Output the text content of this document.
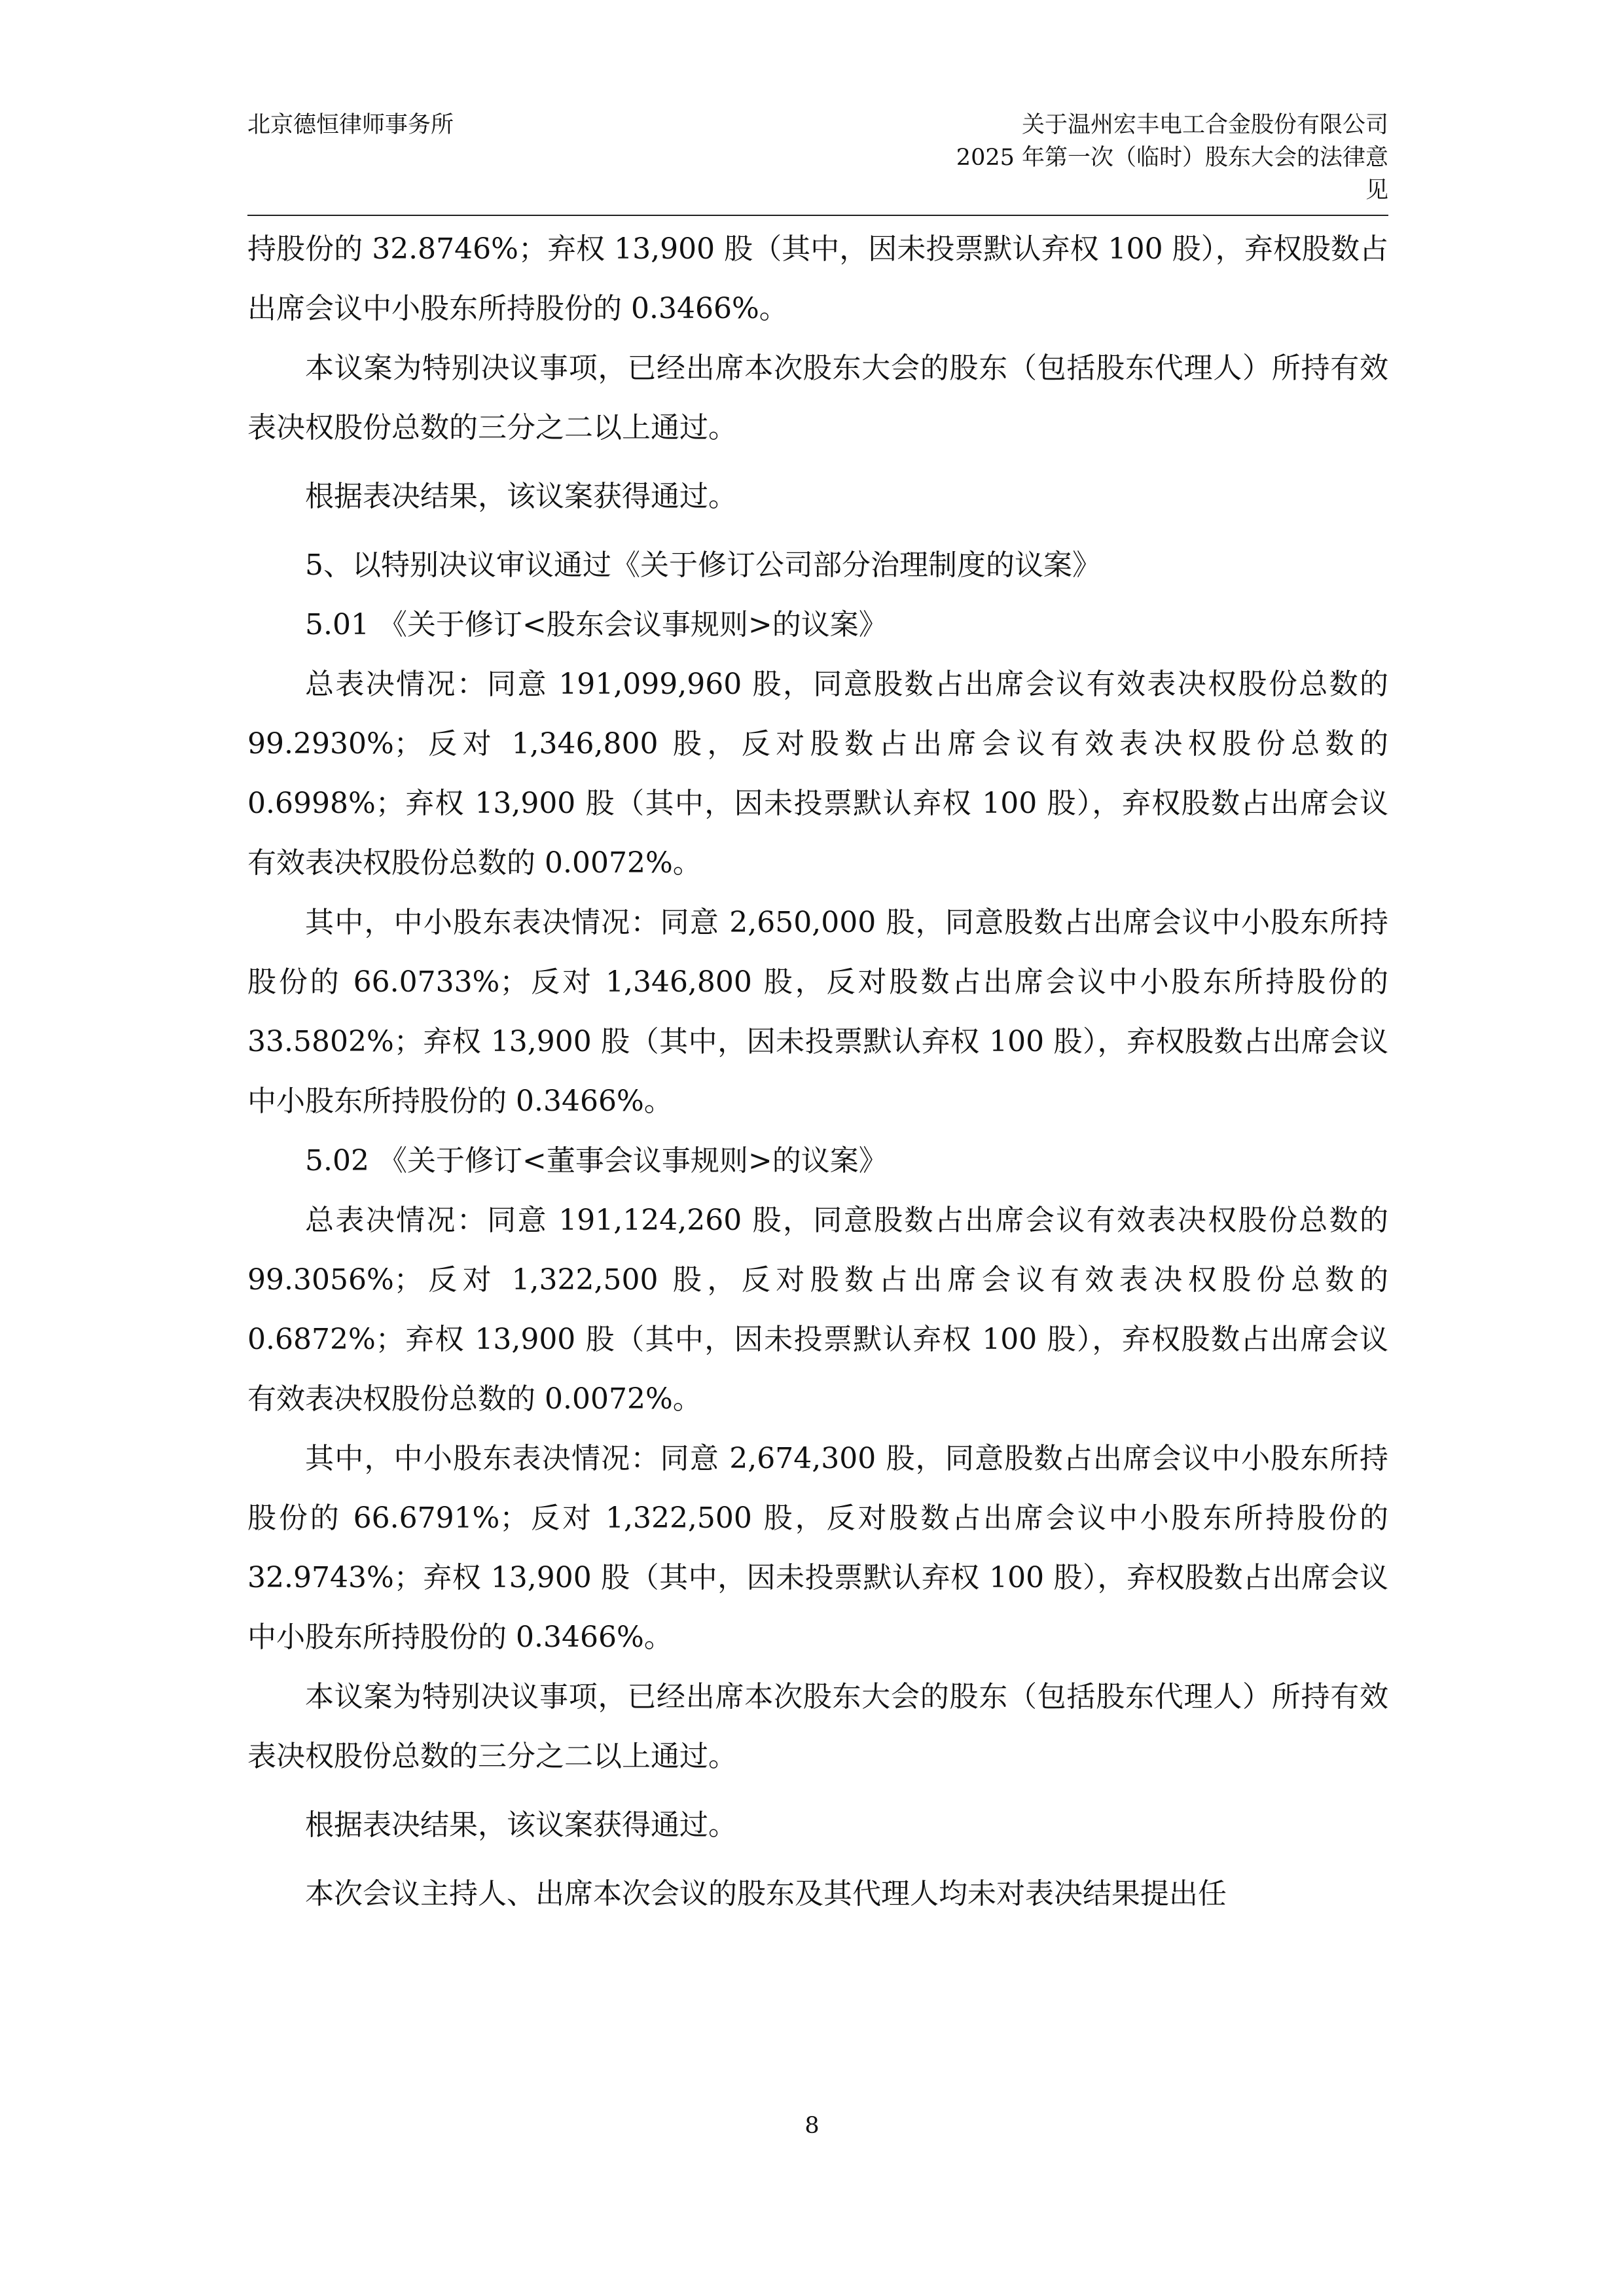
北京德恒律师事务所	关于温州宏丰电工合金股份有限公司
2025 年第一次（临时）股东大会的法律意
见

持股份的 32.8746%；弃权 13,900 股（其中，因未投票默认弃权 100 股），弃权股数占出席会议中小股东所持股份的 0.3466%。

本议案为特别决议事项，已经出席本次股东大会的股东（包括股东代理人）所持有效表决权股份总数的三分之二以上通过。

根据表决结果，该议案获得通过。

5、以特别决议审议通过《关于修订公司部分治理制度的议案》

5.01 《关于修订<股东会议事规则>的议案》

总表决情况：同意 191,099,960 股，同意股数占出席会议有效表决权股份总数的 99.2930%；反对 1,346,800 股，反对股数占出席会议有效表决权股份总数的 0.6998%；弃权 13,900 股（其中，因未投票默认弃权 100 股），弃权股数占出席会议有效表决权股份总数的 0.0072%。

其中，中小股东表决情况：同意 2,650,000 股，同意股数占出席会议中小股东所持股份的 66.0733%；反对 1,346,800 股，反对股数占出席会议中小股东所持股份的 33.5802%；弃权 13,900 股（其中，因未投票默认弃权 100 股），弃权股数占出席会议中小股东所持股份的 0.3466%。

5.02 《关于修订<董事会议事规则>的议案》

总表决情况：同意 191,124,260 股，同意股数占出席会议有效表决权股份总数的 99.3056%；反对 1,322,500 股，反对股数占出席会议有效表决权股份总数的 0.6872%；弃权 13,900 股（其中，因未投票默认弃权 100 股），弃权股数占出席会议有效表决权股份总数的 0.0072%。

其中，中小股东表决情况：同意 2,674,300 股，同意股数占出席会议中小股东所持股份的 66.6791%；反对 1,322,500 股，反对股数占出席会议中小股东所持股份的 32.9743%；弃权 13,900 股（其中，因未投票默认弃权 100 股），弃权股数占出席会议中小股东所持股份的 0.3466%。

本议案为特别决议事项，已经出席本次股东大会的股东（包括股东代理人）所持有效表决权股份总数的三分之二以上通过。

根据表决结果，该议案获得通过。

本次会议主持人、出席本次会议的股东及其代理人均未对表决结果提出任

8
